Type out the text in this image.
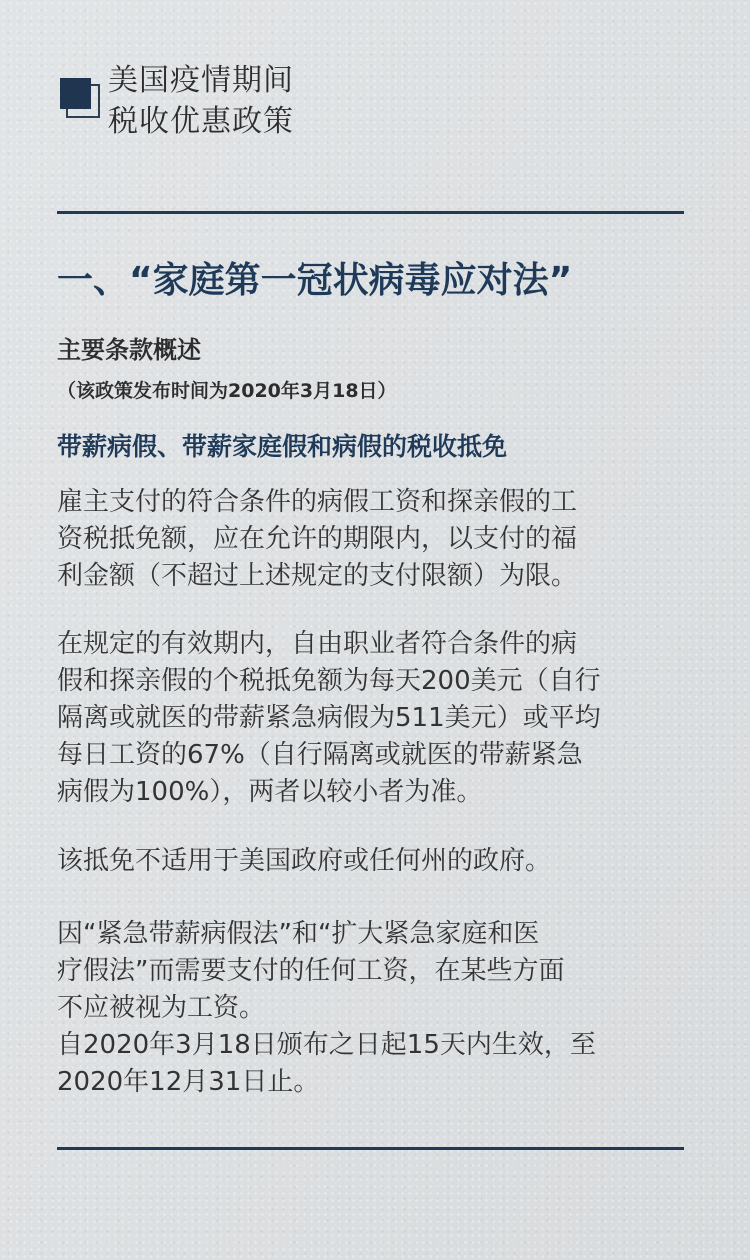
美国疫情期间
税收优惠政策
一、“家庭第一冠状病毒应对法”
主要条款概述
（该政策发布时间为2020年3月18日）
带薪病假、带薪家庭假和病假的税收抵免
雇主支付的符合条件的病假工资和探亲假的工
资税抵免额，应在允许的期限内，以支付的福
利金额（不超过上述规定的支付限额）为限。
在规定的有效期内，自由职业者符合条件的病
假和探亲假的个税抵免额为每天200美元（自行
隔离或就医的带薪紧急病假为511美元）或平均
每日工资的67%（自行隔离或就医的带薪紧急
病假为100%），两者以较小者为准。
该抵免不适用于美国政府或任何州的政府。
因“紧急带薪病假法”和“扩大紧急家庭和医
疗假法”而需要支付的任何工资，在某些方面
不应被视为工资。
自2020年3月18日颁布之日起15天内生效，至
2020年12月31日止。
